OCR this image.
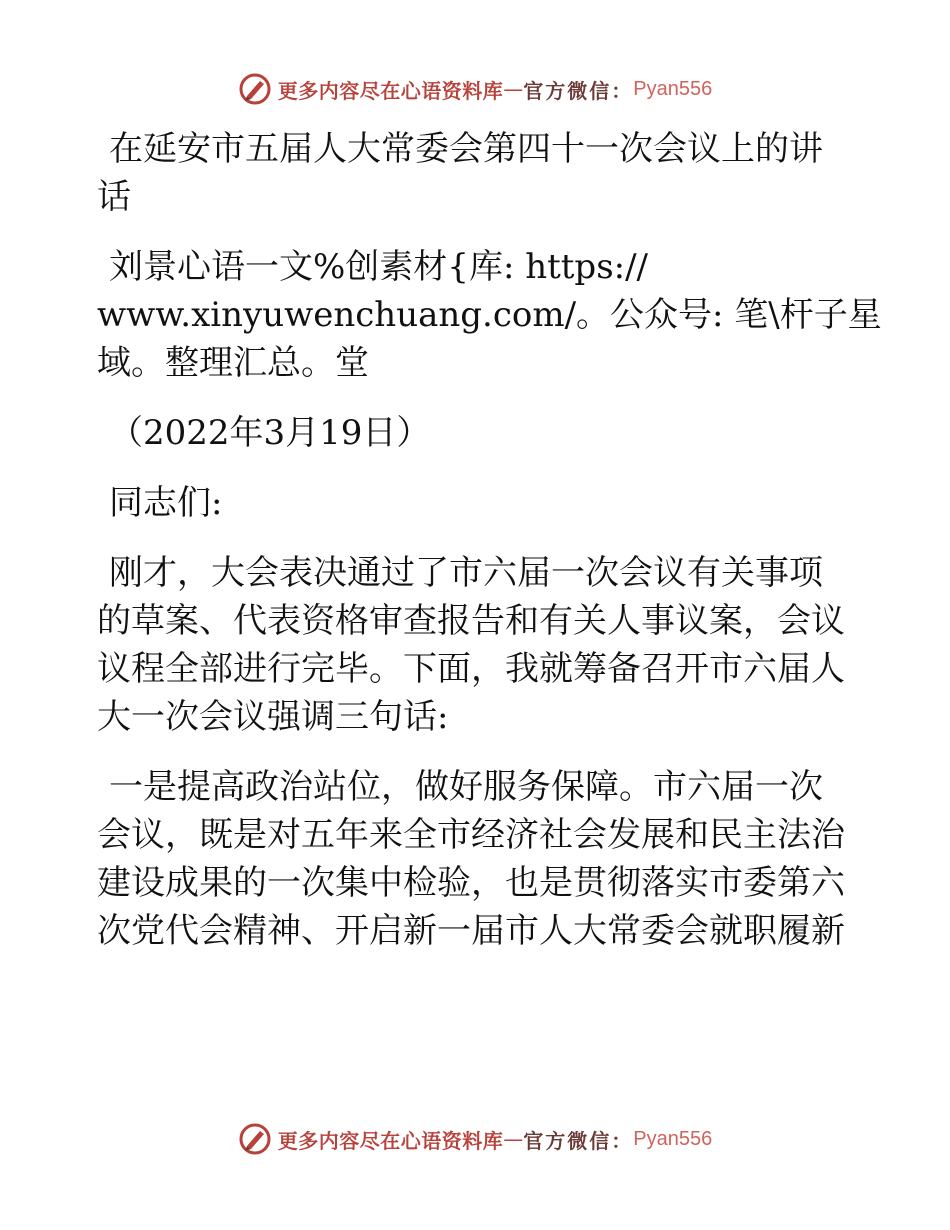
更多内容尽在心语资料库 — 官方微信： Pyan556

在延安市五届人大常委会第四十一次会议上的讲
话

刘景心语一文%创素材{库: https://
www.xinyuwenchuang.com/。公众号: 笔\杆子星
域。整理汇总。堂

（2022年3月19日）

同志们:

刚才，大会表决通过了市六届一次会议有关事项
的草案、代表资格审查报告和有关人事议案，会议
议程全部进行完毕。下面，我就筹备召开市六届人
大一次会议强调三句话:

一是提高政治站位，做好服务保障。市六届一次
会议，既是对五年来全市经济社会发展和民主法治
建设成果的一次集中检验，也是贯彻落实市委第六
次党代会精神、开启新一届市人大常委会就职履新

更多内容尽在心语资料库 — 官方微信： Pyan556
